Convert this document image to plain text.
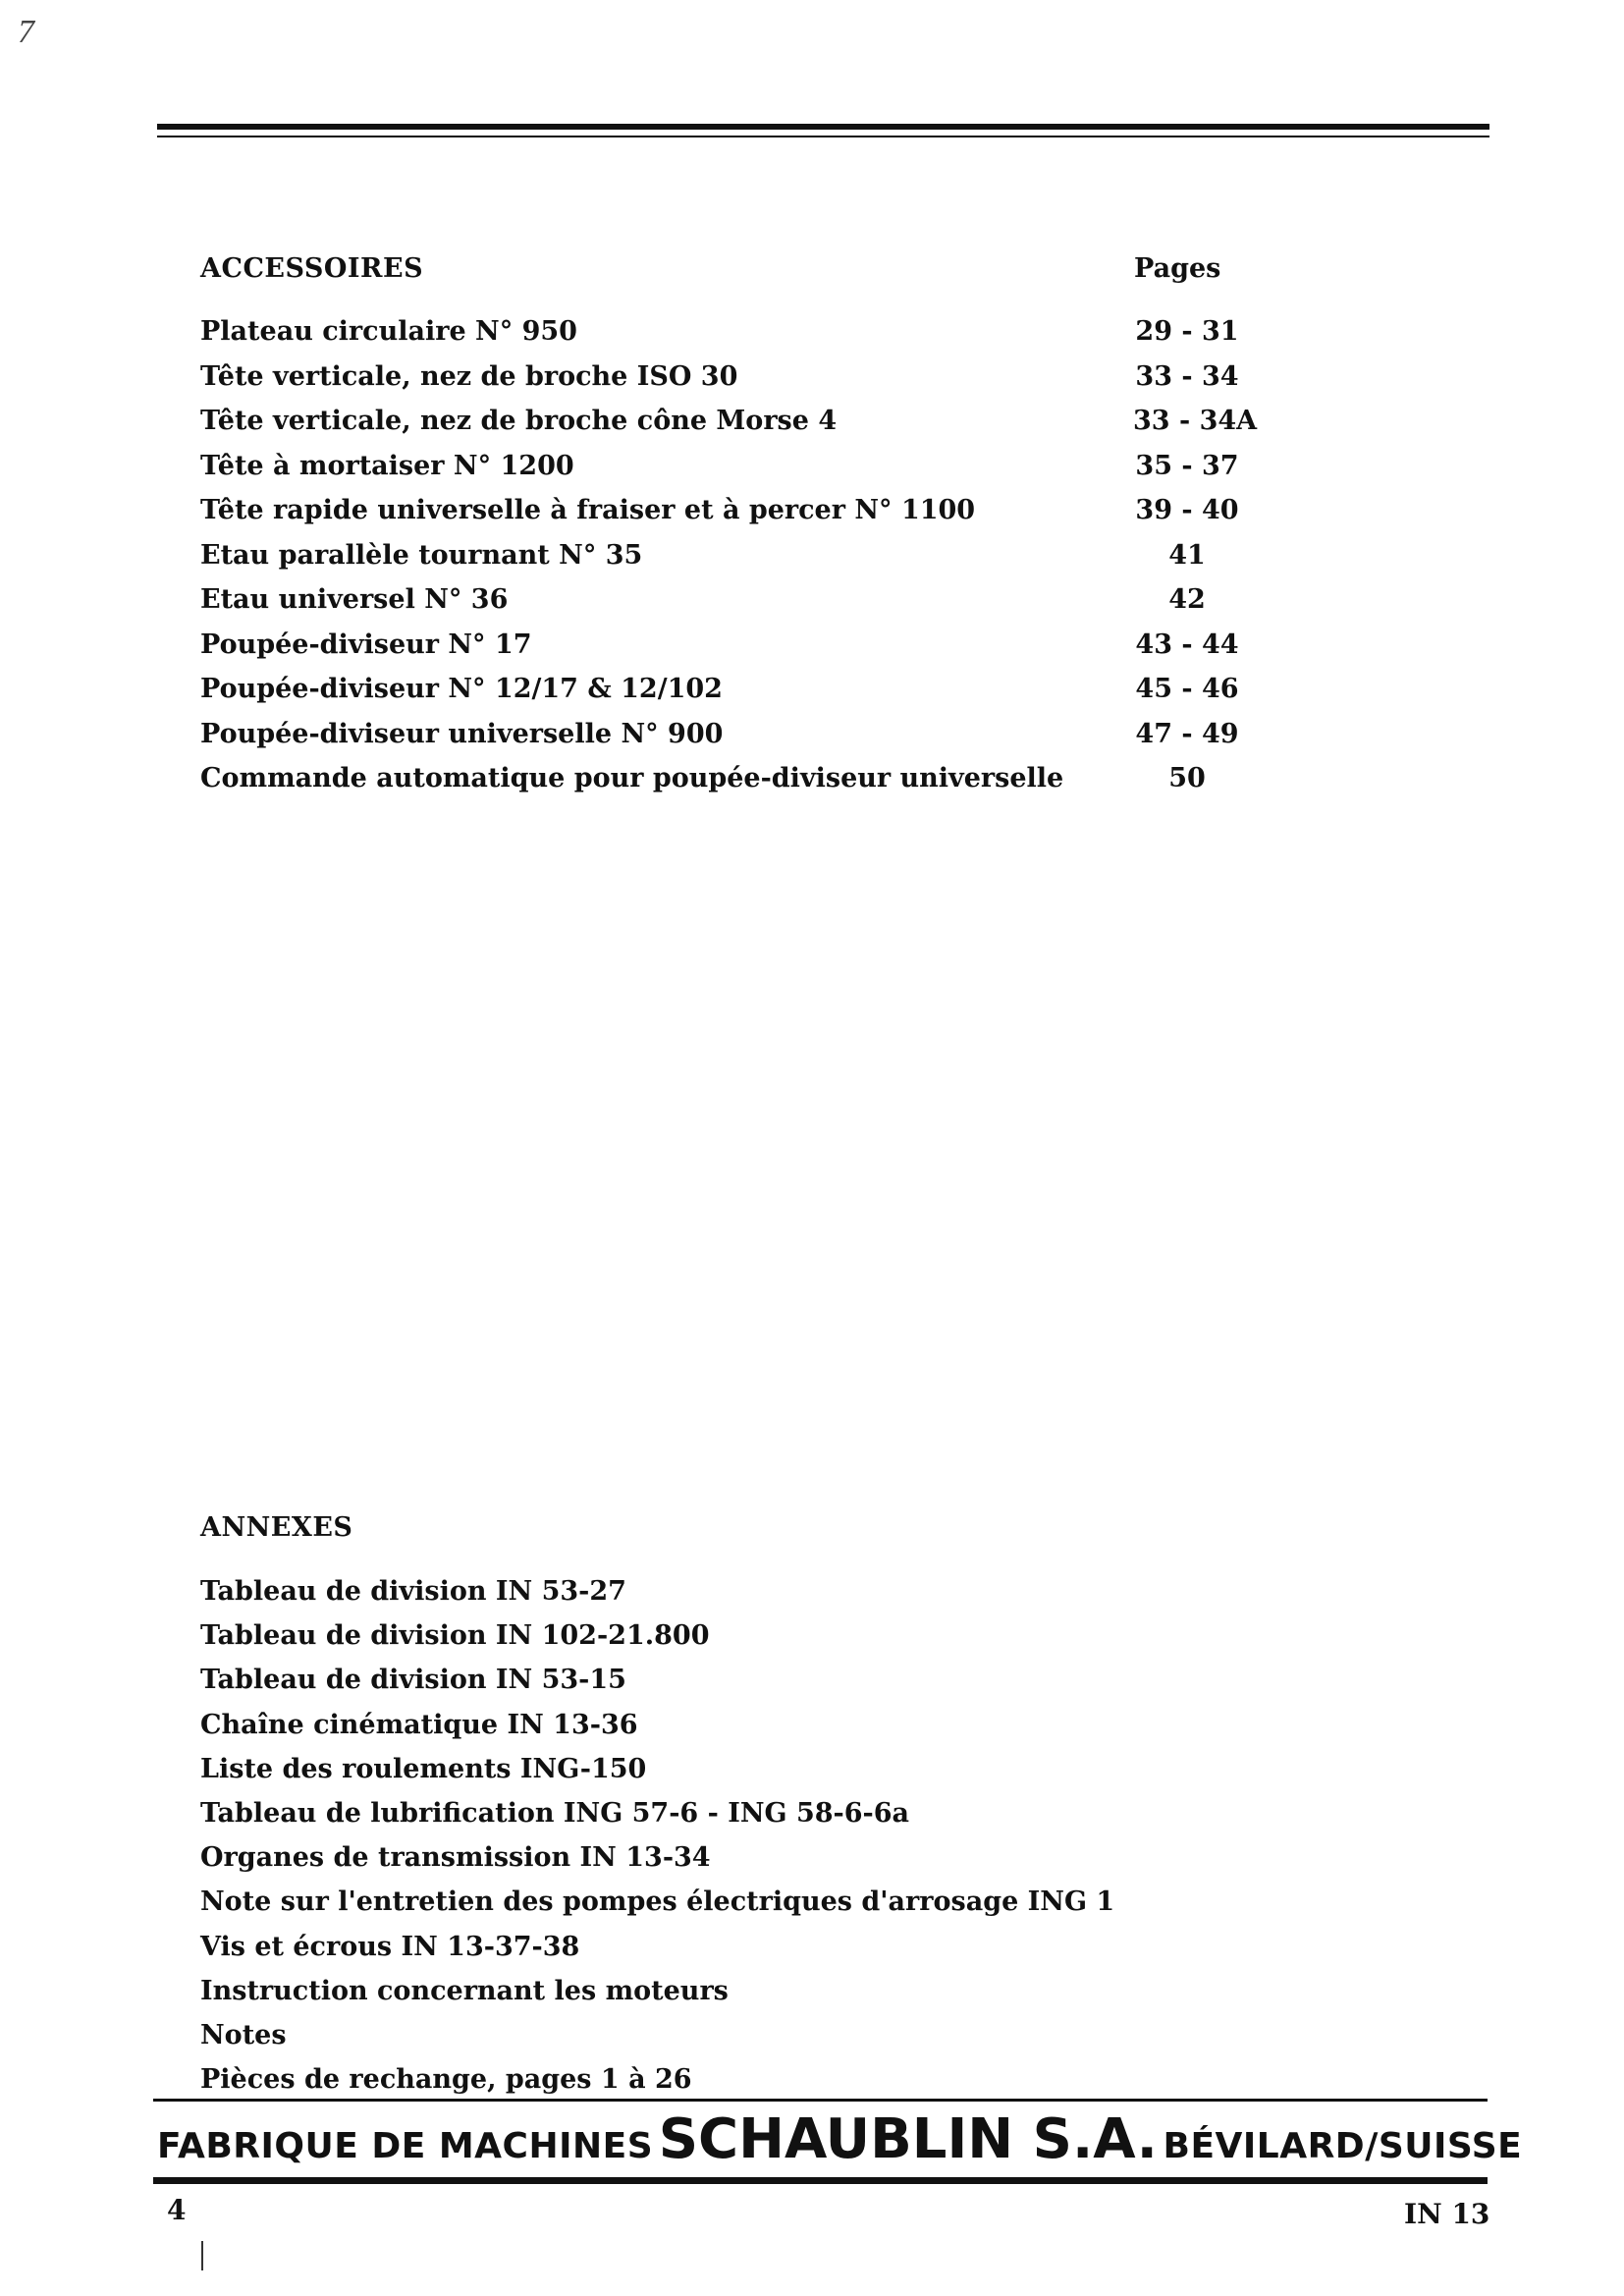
7
ACCESSOIRES	Pages
Plateau circulaire N° 950	29 - 31
Tête verticale, nez de broche ISO 30	33 - 34
Tête verticale, nez de broche cône Morse 4	33 - 34A
Tête à mortaiser N° 1200	35 - 37
Tête rapide universelle à fraiser et à percer N° 1100	39 - 40
Etau parallèle tournant N° 35	41
Etau universel N° 36	42
Poupée-diviseur N° 17	43 - 44
Poupée-diviseur N° 12/17 & 12/102	45 - 46
Poupée-diviseur universelle N° 900	47 - 49
Commande automatique pour poupée-diviseur universelle	50
ANNEXES
Tableau de division IN 53-27
Tableau de division IN 102-21.800
Tableau de division IN 53-15
Chaîne cinématique IN 13-36
Liste des roulements ING-150
Tableau de lubrification ING 57-6 - ING 58-6-6a
Organes de transmission IN 13-34
Note sur l'entretien des pompes électriques d'arrosage ING 1
Vis et écrous IN 13-37-38
Instruction concernant les moteurs
Notes
Pièces de rechange, pages 1 à 26
FABRIQUE DE MACHINES SCHAUBLIN S.A. BÉVILARD/SUISSE
4	IN 13
